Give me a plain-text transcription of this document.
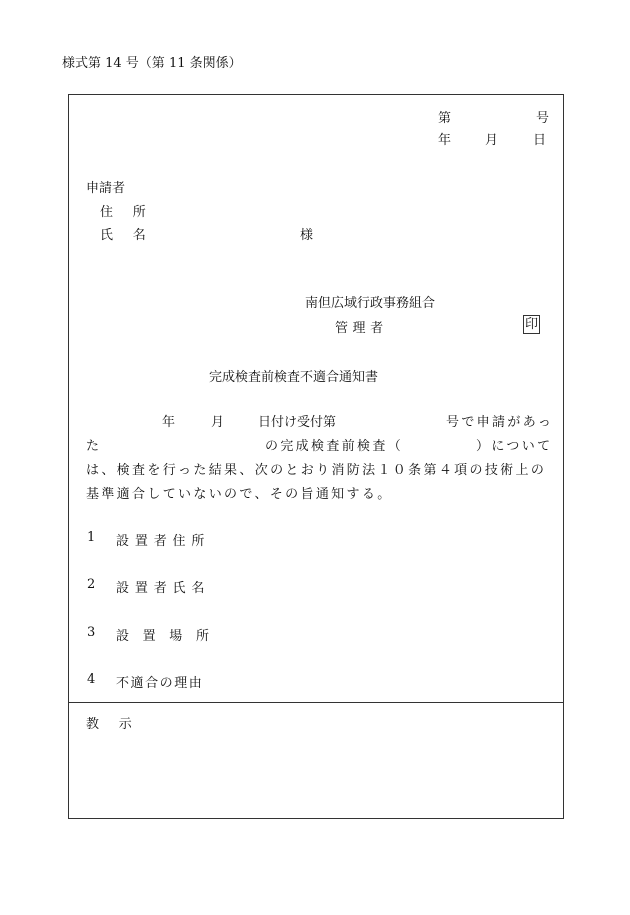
様式第 14 号（第 11 条関係）
第	号
年	月	日
申請者
住 所
氏 名	様
南但広域行政事務組合
管理者	印
完成検査前検査不適合通知書
年	月	日付け受付第	号で申請があっ
た	の完成検査前検査（	）について
は、検査を行った結果、次のとおり消防法１０条第４項の技術上の
基準適合していないので、その旨通知する。
1 設置者住所
2 設置者氏名
3 設置場所
4 不適合の理由
教 示
